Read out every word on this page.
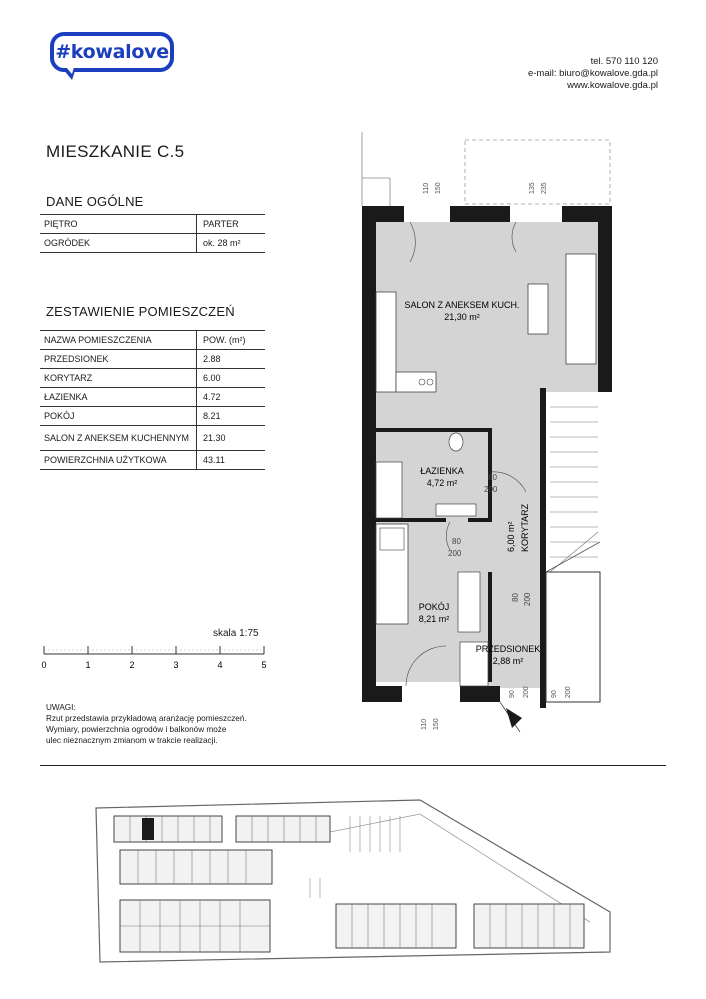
#kowalove	tel. 570 110 120
e-mail: biuro@kowalove.gda.pl
www.kowalove.gda.pl
MIESZKANIE C.5
DANE OGÓLNE
PIĘTRO	PARTER
OGRÓDEK	ok. 28 m²
ZESTAWIENIE POMIESZCZEŃ
NAZWA POMIESZCZENIA	POW. (m²)
PRZEDSIONEK	2.88
KORYTARZ	6.00
ŁAZIENKA	4.72
POKÓJ	8.21
SALON Z ANEKSEM KUCHENNYM	21.30
POWIERZCHNIA UŻYTKOWA	43.11
skala 1:75
0	1	2	3	4	5
UWAGI:
Rzut przedstawia przykładową aranżację pomieszczeń.
Wymiary, powierzchnia ogrodów i balkonów może
ulec nieznacznym zmianom w trakcie realizacji.
110 150	135 235
90 200
SALON Z ANEKSEM KUCH.
21,30 m²
ŁAZIENKA
4,72 m²
KORYTARZ
6,00 m²
POKÓJ
8,21 m²
PRZEDSIONEK
2,88 m²
80
200
80
200
80 200
90 200
110 150
